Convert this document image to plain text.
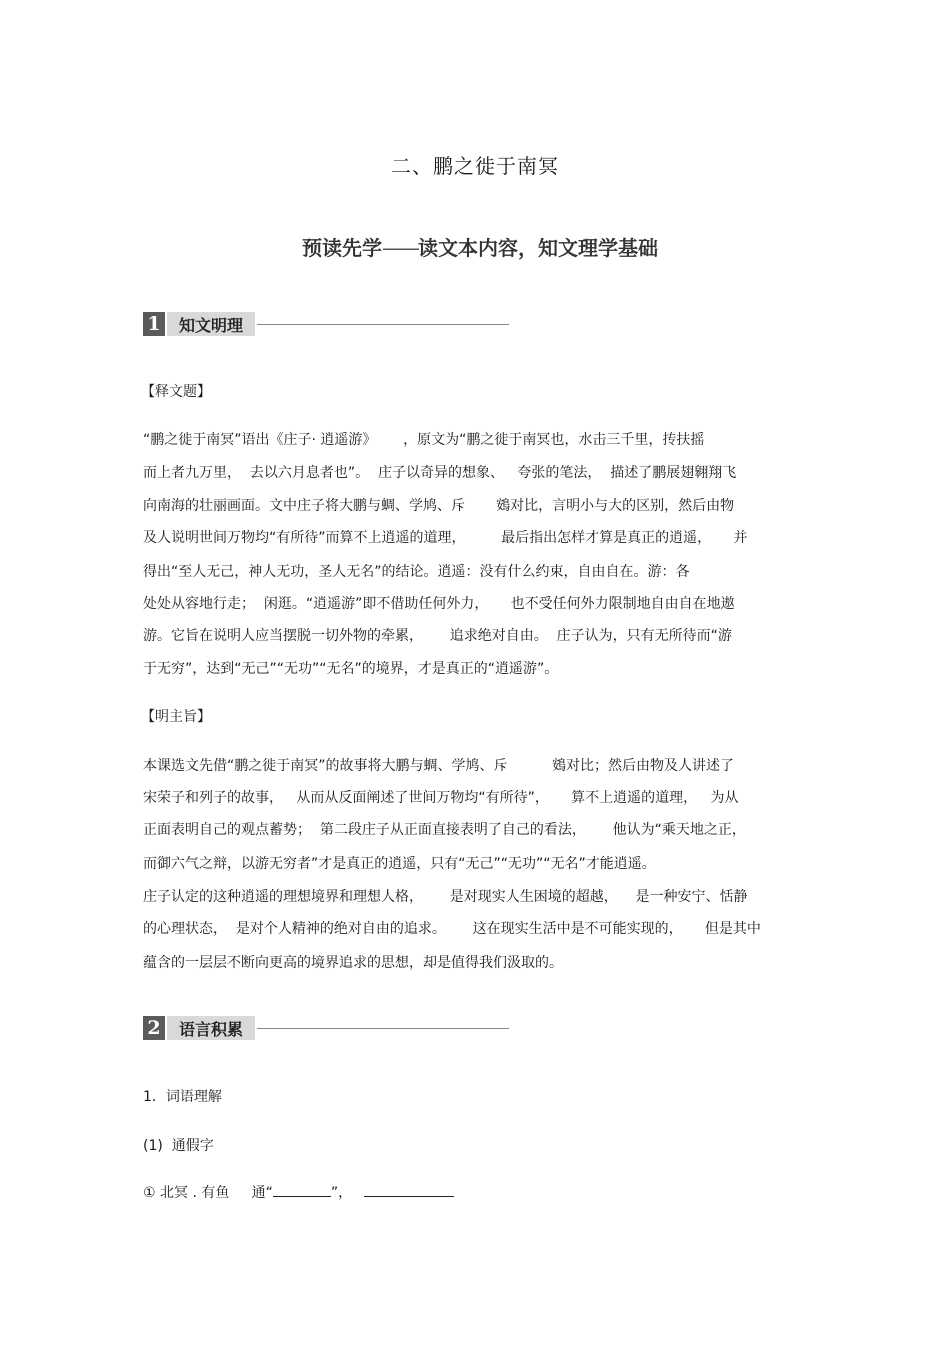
二、鹏之徙于南冥
预读先学——读文本内容，知文理学基础
1	知文明理
【释文题】
“鹏之徙于南冥”语出《庄子· 逍遥游》      ，原文为“鹏之徙于南冥也，水击三千里，抟扶摇
而上者九万里，  去以六月息者也”。  庄子以奇异的想象、   夸张的笔法，  描述了鹏展翅翱翔飞
向南海的壮丽画面。文中庄子将大鹏与蜩、学鸠、斥       鴳对比，言明小与大的区别，然后由物
及人说明世间万物均“有所待”而算不上逍遥的道理，        最后指出怎样才算是真正的逍遥，     并
得出“至人无己，神人无功，圣人无名”的结论。逍遥：没有什么约束，自由自在。游：各
处处从容地行走；  闲逛。“逍遥游”即不借助任何外力，     也不受任何外力限制地自由自在地遨
游。它旨在说明人应当摆脱一切外物的牵累，      追求绝对自由。  庄子认为，只有无所待而“游
于无穷”，达到“无己”“无功”“无名”的境界，才是真正的“逍遥游”。
【明主旨】
本课选文先借“鹏之徙于南冥”的故事将大鹏与蜩、学鸠、斥          鴳对比；然后由物及人讲述了
宋荣子和列子的故事，   从而从反面阐述了世间万物均“有所待”，     算不上逍遥的道理，   为从
正面表明自己的观点蓄势；  第二段庄子从正面直接表明了自己的看法，      他认为“乘天地之正，
而御六气之辩，以游无穷者”才是真正的逍遥，只有“无己”“无功”“无名”才能逍遥。
庄子认定的这种逍遥的理想境界和理想人格，      是对现实人生困境的超越，    是一种安宁、恬静
的心理状态，  是对个人精神的绝对自由的追求。      这在现实生活中是不可能实现的，     但是其中
蕴含的一层层不断向更高的境界追求的思想，却是值得我们汲取的。
2	语言积累
1．词语理解
(1)  通假字
① 北冥 . 有鱼     通“	”，
